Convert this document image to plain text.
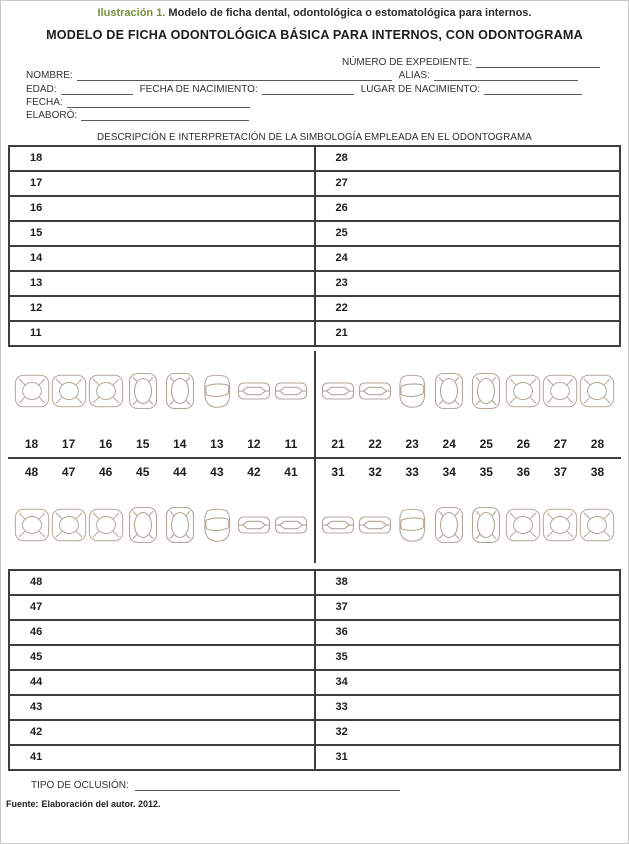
Ilustración 1. Modelo de ficha dental, odontológica o estomatológica para internos.
MODELO DE FICHA ODONTOLÓGICA BÁSICA PARA INTERNOS, CON ODONTOGRAMA
NÚMERO DE EXPEDIENTE:
NOMBRE:	ALIAS:
EDAD:	FECHA DE NACIMIENTO:	LUGAR DE NACIMIENTO:
FECHA:
ELABORÓ:
DESCRIPCIÓN E INTERPRETACIÓN DE LA SIMBOLOGÍA EMPLEADA EN EL ODONTOGRAMA
18	28
17	27
16	26
15	25
14	24
13	23
12	22
11	21
18	17	16	15	14	13	12	11	21	22	23	24	25	26	27	28
48	47	46	45	44	43	42	41	31	32	33	34	35	36	37	38
48	38
47	37
46	36
45	35
44	34
43	33
42	32
41	31
TIPO DE OCLUSIÓN:
Fuente: Elaboración del autor. 2012.
